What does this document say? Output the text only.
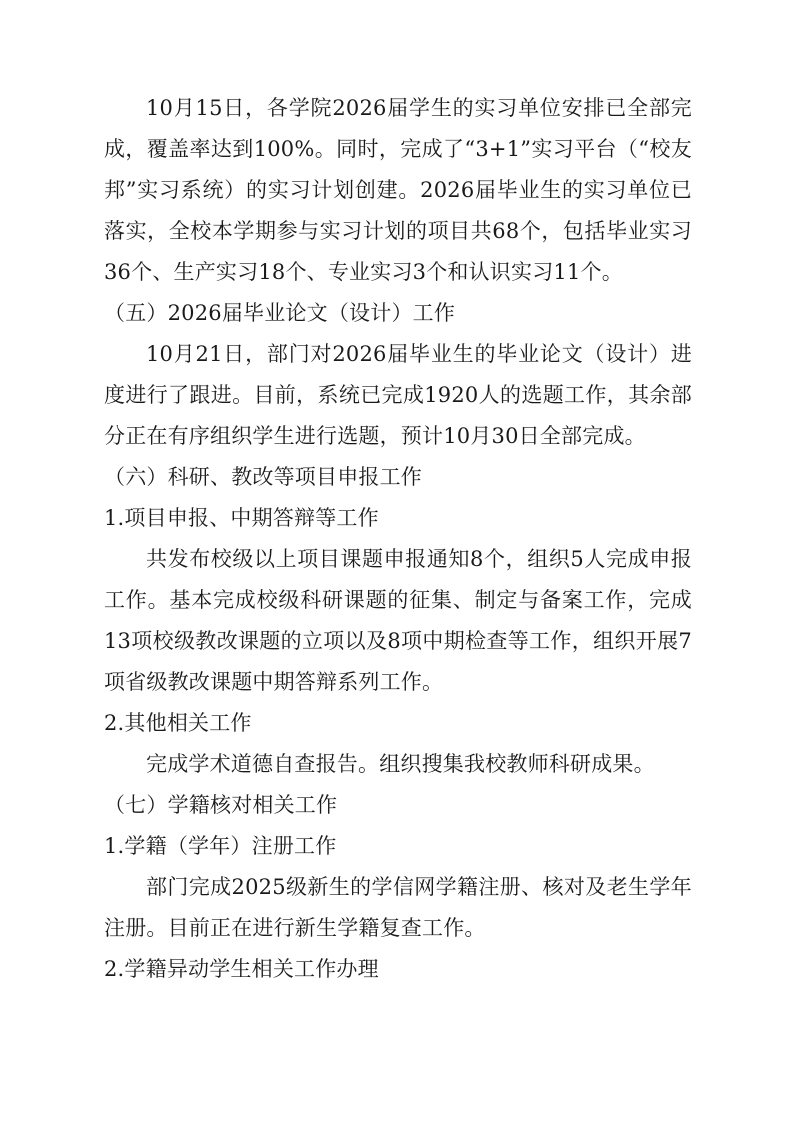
10月15日，各学院2026届学生的实习单位安排已全部完成，覆盖率达到100%。同时，完成了“3+1”实习平台（“校友邦”实习系统）的实习计划创建。2026届毕业生的实习单位已落实，全校本学期参与实习计划的项目共68个，包括毕业实习36个、生产实习18个、专业实习3个和认识实习11个。

（五）2026届毕业论文（设计）工作

10月21日，部门对2026届毕业生的毕业论文（设计）进度进行了跟进。目前，系统已完成1920人的选题工作，其余部分正在有序组织学生进行选题，预计10月30日全部完成。

（六）科研、教改等项目申报工作

1.项目申报、中期答辩等工作

共发布校级以上项目课题申报通知8个，组织5人完成申报工作。基本完成校级科研课题的征集、制定与备案工作，完成13项校级教改课题的立项以及8项中期检查等工作，组织开展7项省级教改课题中期答辩系列工作。

2.其他相关工作

完成学术道德自查报告。组织搜集我校教师科研成果。

（七）学籍核对相关工作

1.学籍（学年）注册工作

部门完成2025级新生的学信网学籍注册、核对及老生学年注册。目前正在进行新生学籍复查工作。

2.学籍异动学生相关工作办理
